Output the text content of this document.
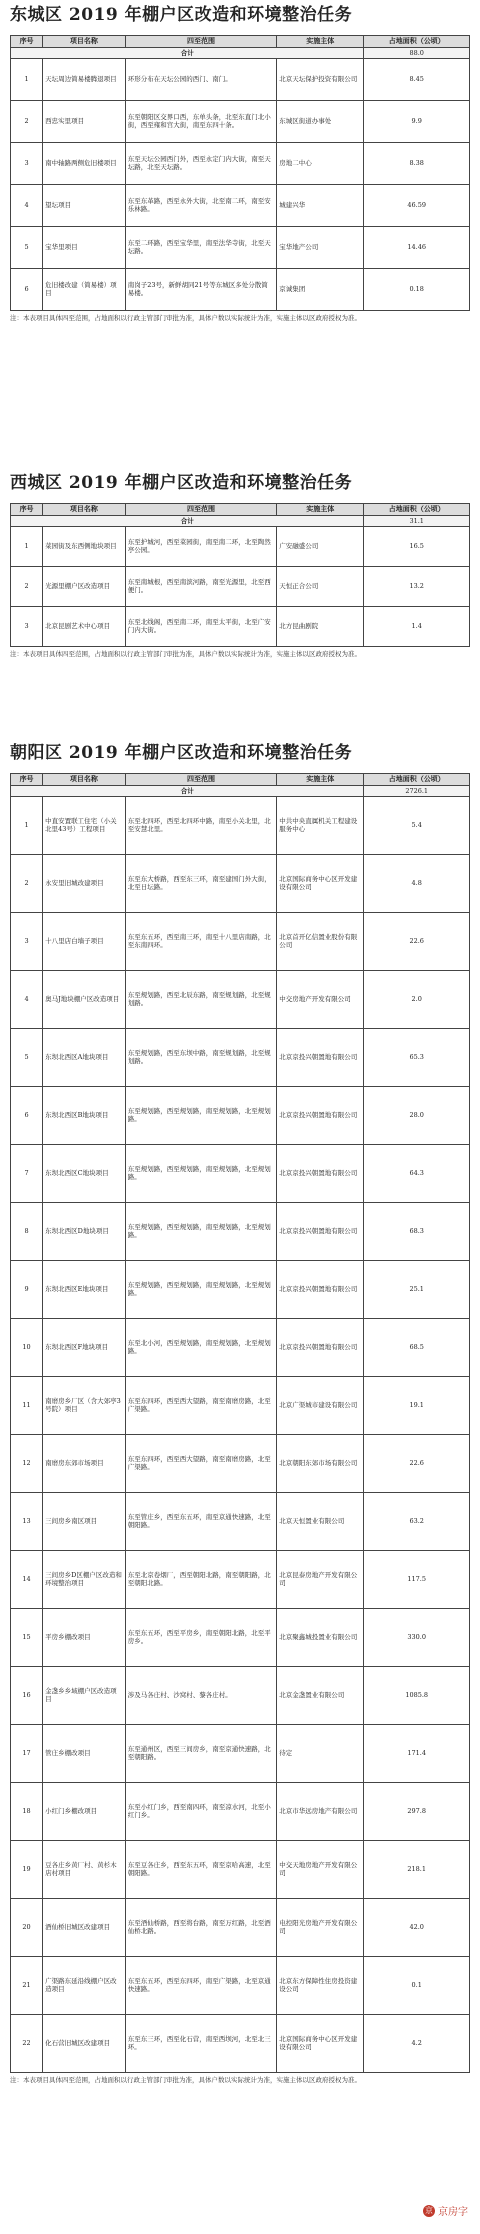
东城区 2019 年棚户区改造和环境整治任务
序号	项目名称	四至范围	实施主体	占地面积（公顷）
合计				88.0
1	天坛周边简易楼腾退项目	环形分布在天坛公园的西门、南门。	北京天坛保护投资有限公司	8.45
2	西忠实里项目	东至朝阳区交界口西，东单头条，北至东直门北小街，西至雍和宫大街，南至东四十条。	东城区街道办事处	9.9
3	南中轴路两侧危旧楼项目	东至天坛公园西门外，西至永定门内大街，南至天坛路，北至天坛路。	房地二中心	8.38
4	望坛项目	东至东革路，西至永外大街，北至南二环，南至安乐林路。	城建兴华	46.59
5	宝华里项目	东至二环路，西至宝华里，南至法华寺街，北至天坛路。	宝华地产公司	14.46
6	危旧楼改建（简易楼）项目	南岗子23号，新鲜胡同21号等东城区多处分散简易楼。	京诚集团	0.18
注：本表项目具体四至范围，占地面积以行政主管部门审批为准，具体户数以实际统计为准，实施主体以区政府授权为准。
西城区 2019 年棚户区改造和环境整治任务
序号	项目名称	四至范围	实施主体	占地面积（公顷）
合计				31.1
1	菜园街及东西侧地块项目	东至护城河，西至菜园街，南至南二环，北至陶然亭公园。	广安融盛公司	16.5
2	光源里棚户区改造项目	东至南城根，西至南滨河路，南至光源里，北至西便门。	天恒正合公司	13.2
3	北京昆剧艺术中心项目	东至北线阁，西至南二环，南至太平街，北至广安门内大街。	北方昆曲剧院	1.4
注：本表项目具体四至范围，占地面积以行政主管部门审批为准，具体户数以实际统计为准，实施主体以区政府授权为准。
朝阳区 2019 年棚户区改造和环境整治任务
序号	项目名称	四至范围	实施主体	占地面积（公顷）
合计				2726.1
1	中直安置联工住宅（小关北里43号）工程项目	东至北四环，西至北四环中路，南至小关北里，北至安慧北里。	中共中央直属机关工程建设服务中心	5.4
2	永安里旧城改建项目	东至东大桥路，西至东三环，南至建国门外大街，北至日坛路。	北京国际商务中心区开发建设有限公司	4.8
3	十八里店白墙子项目	东至东五环，西至南三环，南至十八里店南路，北至东南四环。	北京首开亿信置业股份有限公司	22.6
4	奥马J地块棚户区改造项目	东至规划路，西至北辰东路，南至规划路，北至规划路。	中交房地产开发有限公司	2.0
5	东坝北西区A地块项目	东至规划路，西至东坝中路，南至规划路，北至规划路。	北京京投兴朝置地有限公司	65.3
6	东坝北西区B地块项目	东至规划路，西至规划路，南至规划路，北至规划路。	北京京投兴朝置地有限公司	28.0
7	东坝北西区C地块项目	东至规划路，西至规划路，南至规划路，北至规划路。	北京京投兴朝置地有限公司	64.3
8	东坝北西区D地块项目	东至规划路，西至规划路，南至规划路，北至规划路。	北京京投兴朝置地有限公司	68.3
9	东坝北西区E地块项目	东至规划路，西至规划路，南至规划路，北至规划路。	北京京投兴朝置地有限公司	25.1
10	东坝北西区F地块项目	东至北小河，西至规划路，南至规划路，北至规划路。	北京京投兴朝置地有限公司	68.5
11	南磨房乡厂区（含大郊亭3号院）项目	东至东四环，西至西大望路，南至南磨房路，北至广渠路。	北京广渠城市建设有限公司	19.1
12	南磨房东郊市场项目	东至东四环，西至西大望路，南至南磨房路，北至广渠路。	北京朝阳东郊市场有限公司	22.6
13	三间房乡南区项目	东至管庄乡，西至东五环，南至京通快速路，北至朝阳路。	北京天恒置业有限公司	63.2
14	三间房乡D区棚户区改造和环境整治项目	东至北京卷烟厂，西至朝阳北路，南至朝阳路，北至朝阳北路。	北京昆泰房地产开发有限公司	117.5
15	平房乡棚改项目	东至东五环，西至平房乡，南至朝阳北路，北至平房乡。	北京聚鑫城投置业有限公司	330.0
16	金盏乡乡域棚户区改造项目	涉及马各庄村、沙窝村、黎各庄村。	北京金盏置业有限公司	1085.8
17	管庄乡棚改项目	东至通州区，西至三间房乡，南至京通快速路，北至朝阳路。	待定	171.4
18	小红门乡棚改项目	东至小红门乡，西至南四环，南至凉水河，北至小红门乡。	北京市华远房地产有限公司	297.8
19	豆各庄乡黄厂村、黄杉木店村项目	东至豆各庄乡，西至东五环，南至京哈高速，北至朝阳路。	中交天地房地产开发有限公司	218.1
20	酒仙桥旧城区改建项目	东至酒仙桥路，西至将台路，南至万红路，北至酒仙桥北路。	电控阳光房地产开发有限公司	42.0
21	广渠路东延沿线棚户区改造项目	东至东五环，西至东四环，南至广渠路，北至京通快速路。	北京东方保障性住房投资建设公司	0.1
22	化石营旧城区改建项目	东至东三环，西至化石营，南至西坝河，北至北三环。	北京国际商务中心区开发建设有限公司	4.2
注：本表项目具体四至范围，占地面积以行政主管部门审批为准，具体户数以实际统计为准，实施主体以区政府授权为准。
京 京房字
